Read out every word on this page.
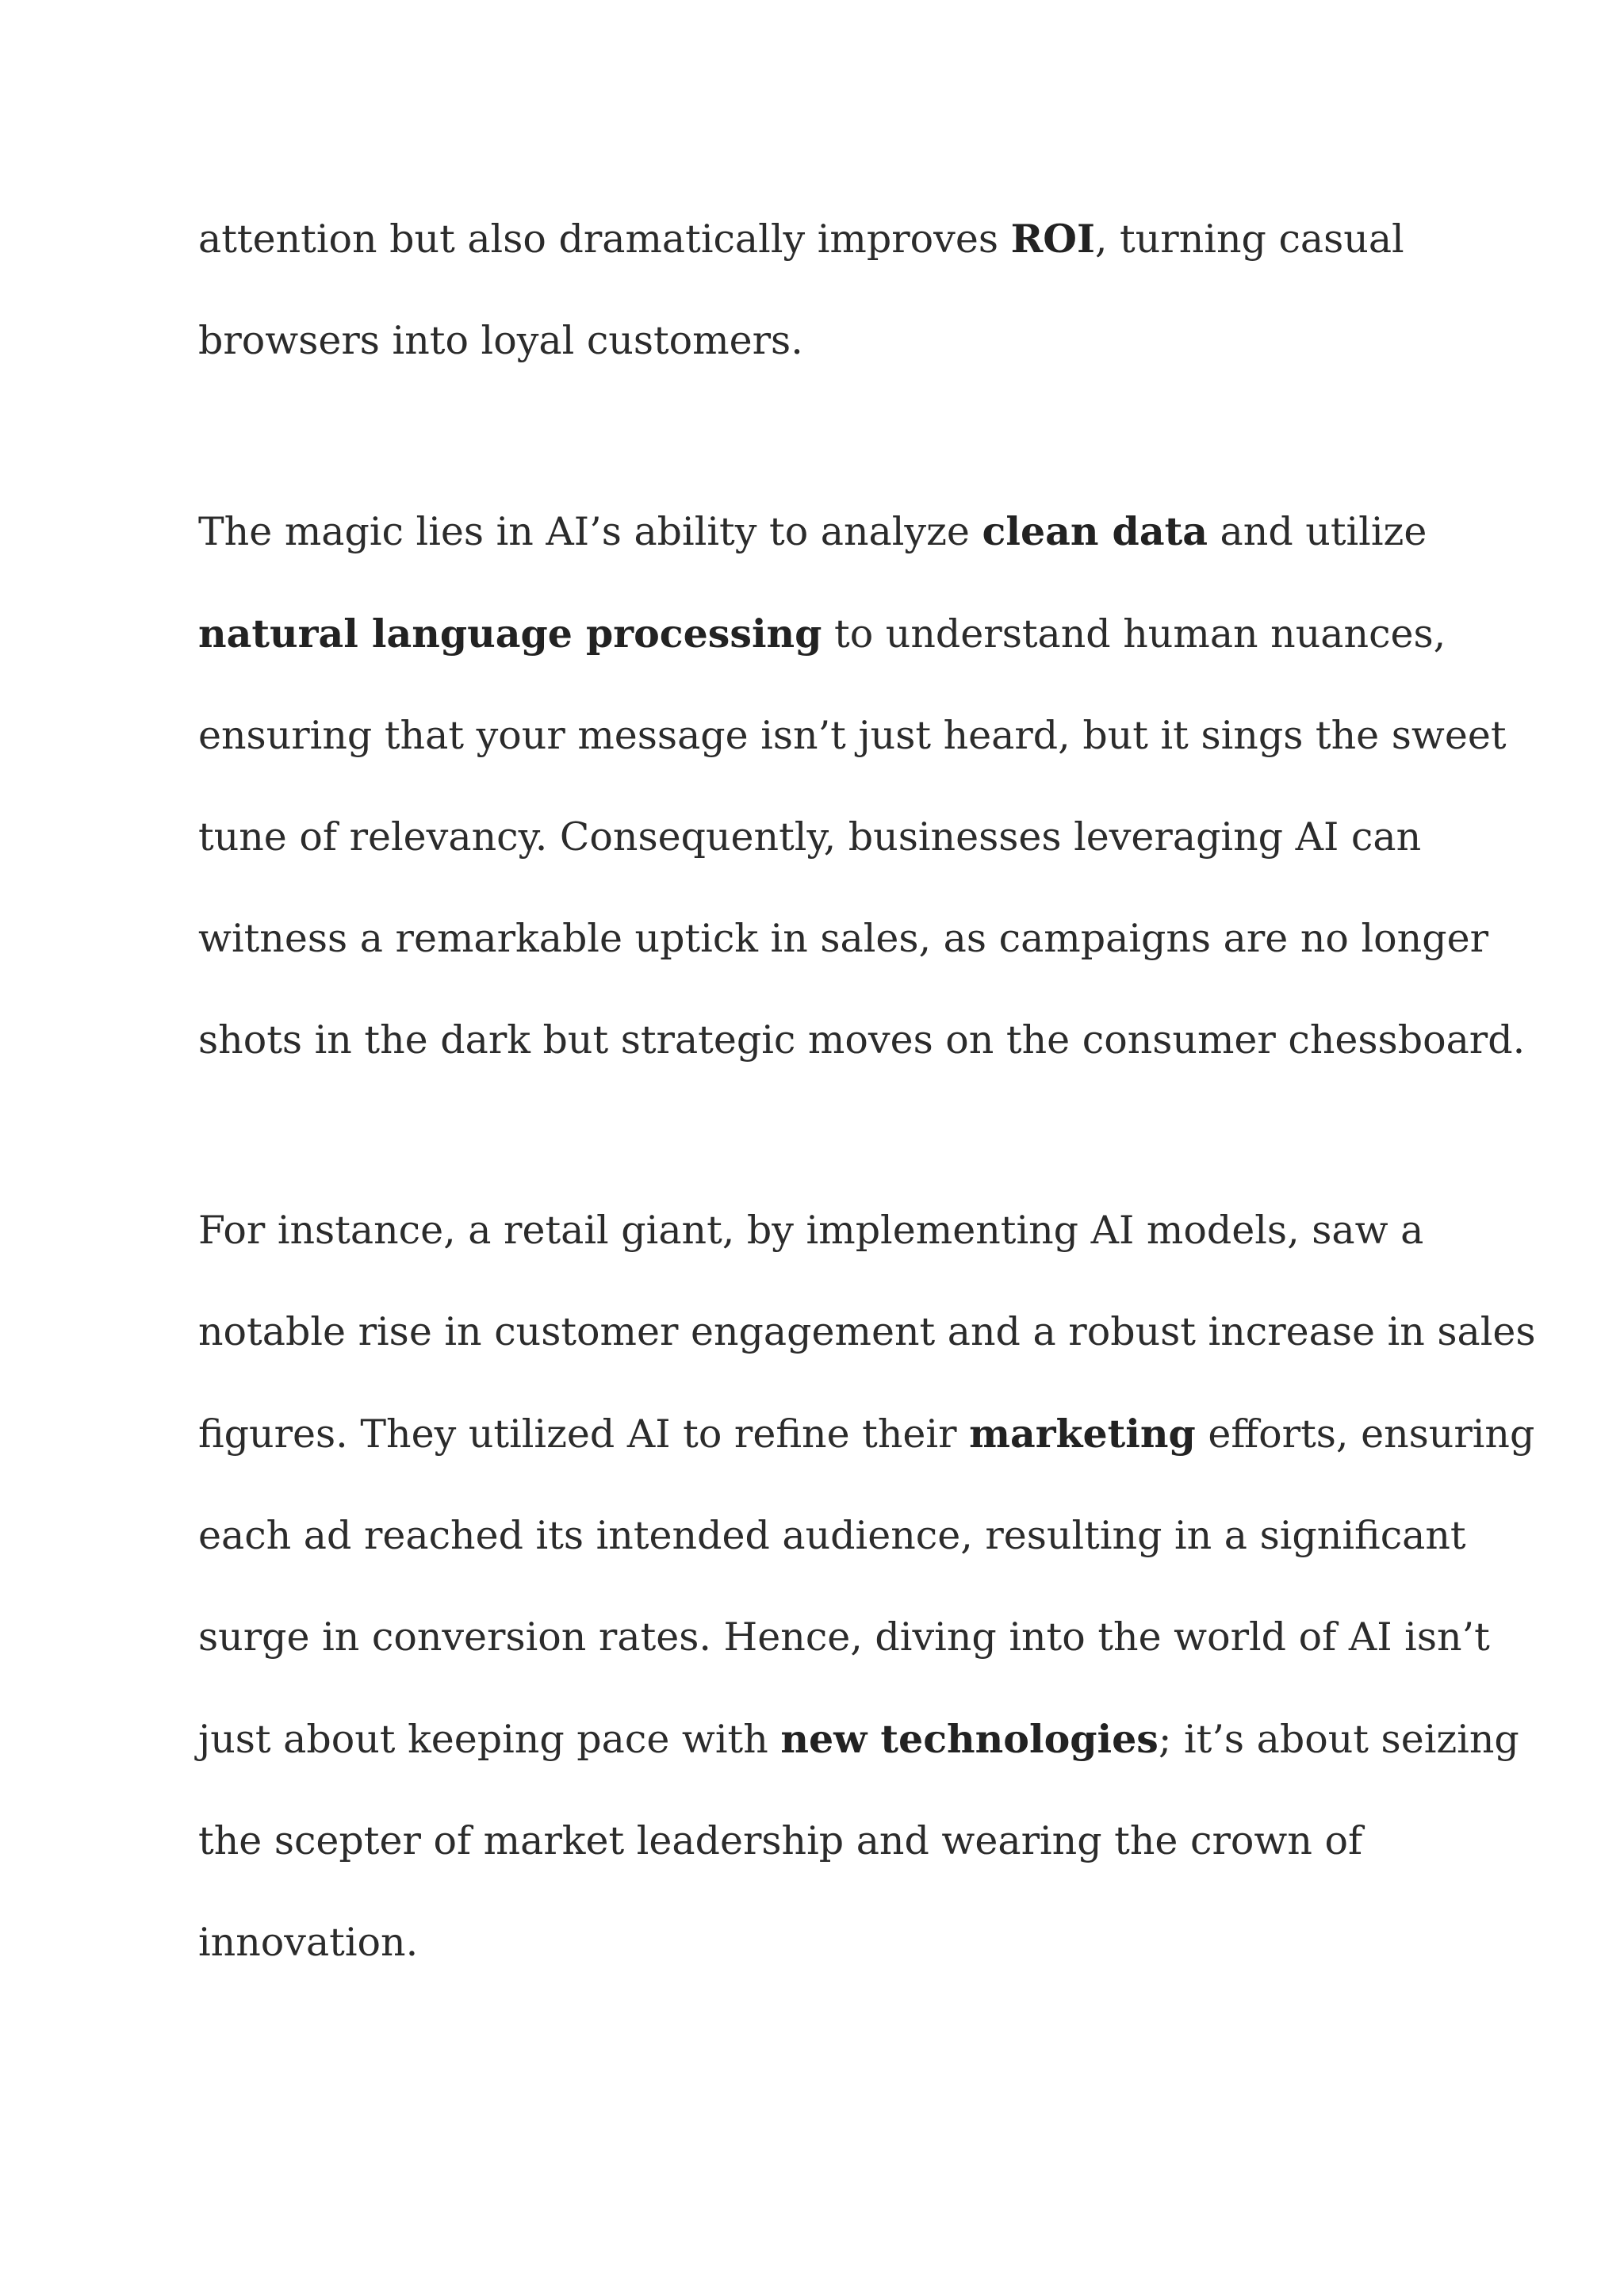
attention but also dramatically improves ROI, turning casual
browsers into loyal customers.

The magic lies in AI’s ability to analyze clean data and utilize
natural language processing to understand human nuances,
ensuring that your message isn’t just heard, but it sings the sweet
tune of relevancy. Consequently, businesses leveraging AI can
witness a remarkable uptick in sales, as campaigns are no longer
shots in the dark but strategic moves on the consumer chessboard.

For instance, a retail giant, by implementing AI models, saw a
notable rise in customer engagement and a robust increase in sales
figures. They utilized AI to refine their marketing efforts, ensuring
each ad reached its intended audience, resulting in a significant
surge in conversion rates. Hence, diving into the world of AI isn’t
just about keeping pace with new technologies; it’s about seizing
the scepter of market leadership and wearing the crown of
innovation.
